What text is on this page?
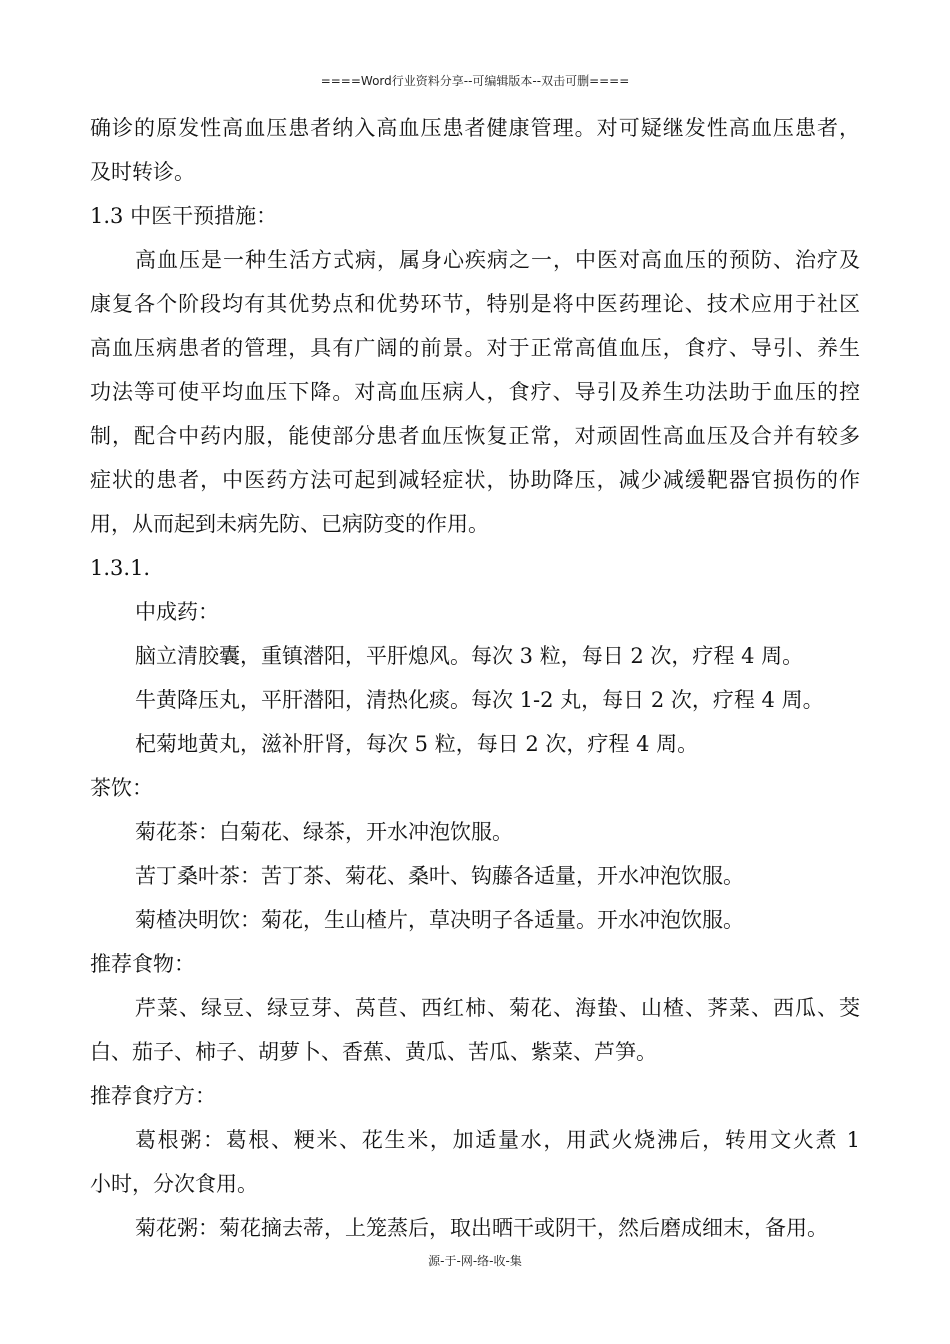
====Word行业资料分享--可编辑版本--双击可删====
确诊的原发性高血压患者纳入高血压患者健康管理。对可疑继发性高血压患者，
及时转诊。
1.3 中医干预措施：
高血压是一种生活方式病，属身心疾病之一，中医对高血压的预防、治疗及
康复各个阶段均有其优势点和优势环节，特别是将中医药理论、技术应用于社区
高血压病患者的管理，具有广阔的前景。对于正常高值血压，食疗、导引、养生
功法等可使平均血压下降。对高血压病人，食疗、导引及养生功法助于血压的控
制，配合中药内服，能使部分患者血压恢复正常，对顽固性高血压及合并有较多
症状的患者，中医药方法可起到减轻症状，协助降压，减少减缓靶器官损伤的作
用，从而起到未病先防、已病防变的作用。
1.3.1.
中成药：
脑立清胶囊，重镇潜阳，平肝熄风。每次 3 粒，每日 2 次，疗程 4 周。
牛黄降压丸，平肝潜阳，清热化痰。每次 1-2 丸，每日 2 次，疗程 4 周。
杞菊地黄丸，滋补肝肾，每次 5 粒，每日 2 次，疗程 4 周。
茶饮：
菊花茶：白菊花、绿茶，开水冲泡饮服。
苦丁桑叶茶：苦丁茶、菊花、桑叶、钩藤各适量，开水冲泡饮服。
菊楂决明饮：菊花，生山楂片，草决明子各适量。开水冲泡饮服。
推荐食物：
芹菜、绿豆、绿豆芽、莴苣、西红柿、菊花、海蛰、山楂、荠菜、西瓜、茭
白、茄子、柿子、胡萝卜、香蕉、黄瓜、苦瓜、紫菜、芦笋。
推荐食疗方：
葛根粥：葛根、粳米、花生米，加适量水，用武火烧沸后，转用文火煮 1
小时，分次食用。
菊花粥：菊花摘去蒂，上笼蒸后，取出晒干或阴干，然后磨成细末，备用。
源-于-网-络-收-集
